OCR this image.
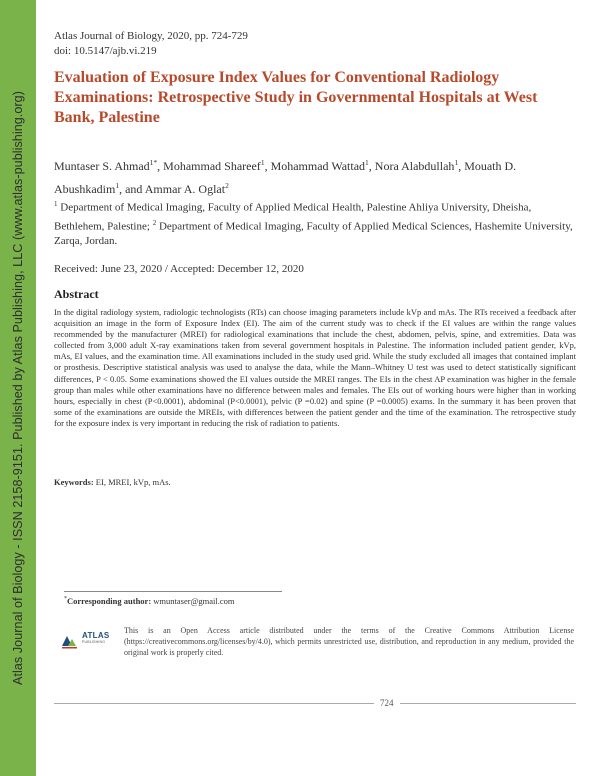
Atlas Journal of Biology - ISSN 2158-9151. Published by Atlas Publishing, LLC (www.atlas-publishing.org)
Atlas Journal of Biology, 2020, pp. 724-729
doi: 10.5147/ajb.vi.219
Evaluation of Exposure Index Values for Conventional Radiology Examinations: Retrospective Study in Governmental Hospitals at West Bank, Palestine
Muntaser S. Ahmad$^{1*}$, Mohammad Shareef$^1$, Mohammad Wattad$^1$, Nora Alabdullah$^1$, Mouath D. Abushkadim$^1$, and Ammar A. Oglat$^2$
$^1$ Department of Medical Imaging, Faculty of Applied Medical Health, Palestine Ahliya University, Dheisha, Bethlehem, Palestine; $^2$ Department of Medical Imaging, Faculty of Applied Medical Sciences, Hashemite University, Zarqa, Jordan.
Received: June 23, 2020 / Accepted: December 12, 2020
Abstract

In the digital radiology system, radiologic technologists (RTs) can choose imaging parameters include kVp and mAs. The RTs received a feedback after acquisition an image in the form of Exposure Index (EI). The aim of the current study was to check if the EI values are within the range values recommended by the manufacturer (MREI) for radiological examinations that include the chest, abdomen, pelvis, spine, and extremities. Data was collected from 3,000 adult X-ray examinations taken from several government hospitals in Palestine. The information included patient gender, kVp, mAs, EI values, and the examination time. All examinations included in the study used grid. While the study excluded all images that contained implant or prosthesis. Descriptive statistical analysis was used to analyse the data, while the Mann–Whitney U test was used to detect statistically significant differences, P < 0.05. Some examinations showed the EI values outside the MREI ranges. The EIs in the chest AP examination was higher in the female group than males while other examinations have no difference between males and females. The EIs out of working hours were higher than in working hours, especially in chest (P<0.0001), abdominal (P<0.0001), pelvic (P =0.02) and spine (P =0.0005) exams. In the summary it has been proven that some of the examinations are outside the MREIs, with differences between the patient gender and the time of the examination. The retrospective study for the exposure index is very important in reducing the risk of radiation to patients.

Keywords: EI, MREI, kVp, mAs.
*Corresponding author: wmuntaser@gmail.com
ATLAS
PUBLISHING

This is an Open Access article distributed under the terms of the Creative Commons Attribution License (https://creativecommons.org/licenses/by/4.0), which permits unrestricted use, distribution, and reproduction in any medium, provided the original work is properly cited.

724
